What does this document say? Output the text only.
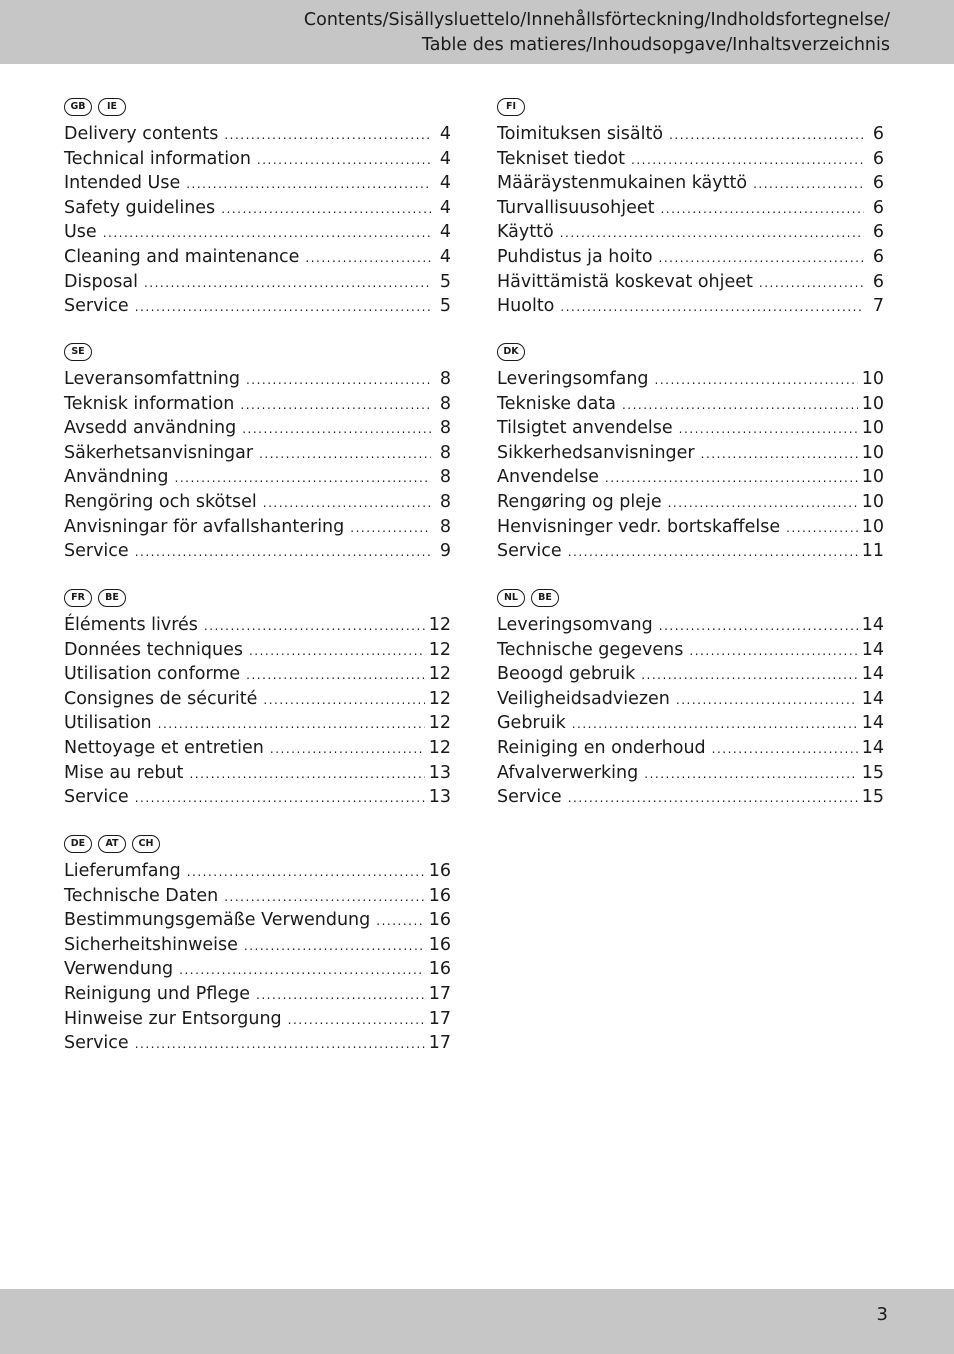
Contents/Sisällysluettelo/Innehållsförteckning/Indholdsfortegnelse/
Table des matieres/Inhoudsopgave/Inhaltsverzeichnis
GB	IE
Delivery contents .....	4
Technical information .....	4
Intended Use .....	4
Safety guidelines .....	4
Use .....	4
Cleaning and maintenance .....	4
Disposal .....	5
Service .....	5
FI
Toimituksen sisältö .....	6
Tekniset tiedot .....	6
Määräystenmukainen käyttö .....	6
Turvallisuusohjeet .....	6
Käyttö .....	6
Puhdistus ja hoito .....	6
Hävittämistä koskevat ohjeet .....	6
Huolto .....	7
SE
Leveransomfattning .....	8
Teknisk information .....	8
Avsedd användning .....	8
Säkerhetsanvisningar .....	8
Användning .....	8
Rengöring och skötsel .....	8
Anvisningar för avfallshantering .....	8
Service .....	9
DK
Leveringsomfang .....	10
Tekniske data .....	10
Tilsigtet anvendelse .....	10
Sikkerhedsanvisninger .....	10
Anvendelse .....	10
Rengøring og pleje .....	10
Henvisninger vedr. bortskaffelse .....	10
Service .....	11
FR	BE
Éléments livrés .....	12
Données techniques .....	12
Utilisation conforme .....	12
Consignes de sécurité .....	12
Utilisation .....	12
Nettoyage et entretien .....	12
Mise au rebut .....	13
Service .....	13
NL	BE
Leveringsomvang .....	14
Technische gegevens .....	14
Beoogd gebruik .....	14
Veiligheidsadviezen .....	14
Gebruik .....	14
Reiniging en onderhoud .....	14
Afvalverwerking .....	15
Service .....	15
DE	AT	CH
Lieferumfang .....	16
Technische Daten .....	16
Bestimmungsgemäße Verwendung .....	16
Sicherheitshinweise .....	16
Verwendung .....	16
Reinigung und Pflege .....	17
Hinweise zur Entsorgung .....	17
Service .....	17
3
